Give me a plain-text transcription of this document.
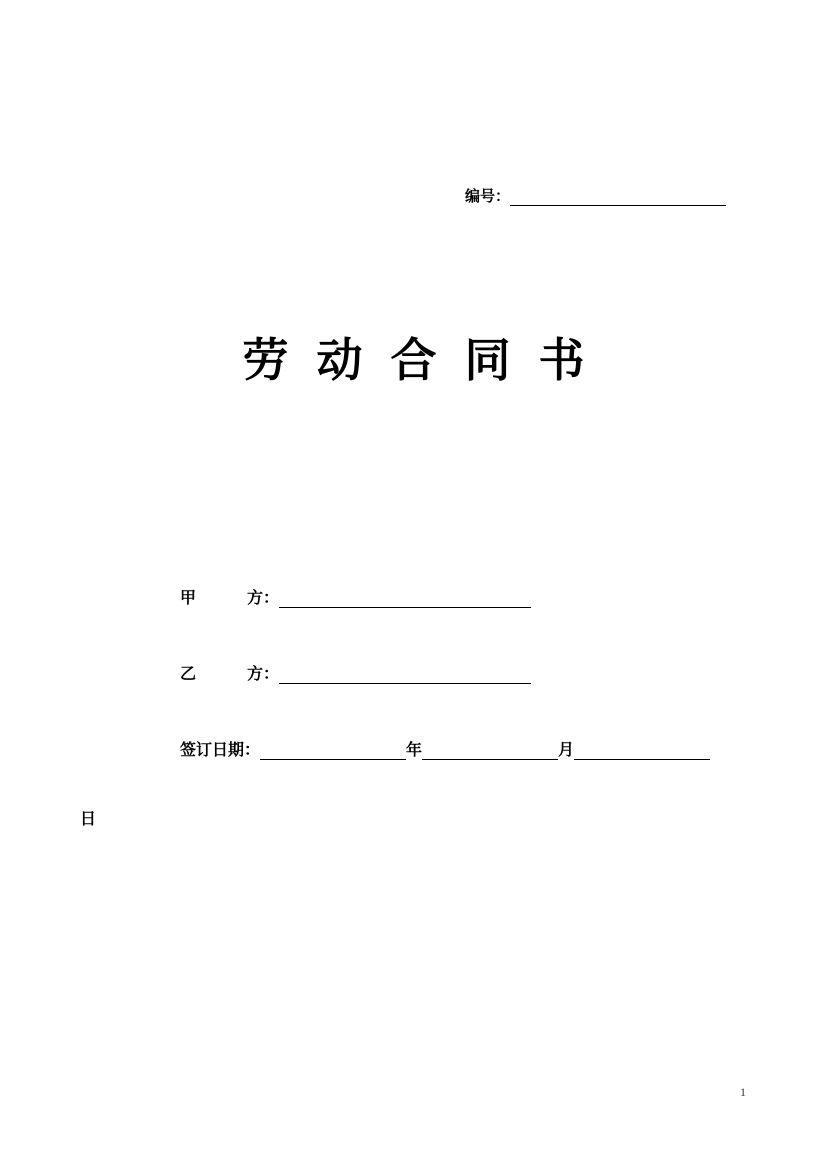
编号：
劳动合同书
甲	方：
乙	方：
签订日期：	年	月
日
1
